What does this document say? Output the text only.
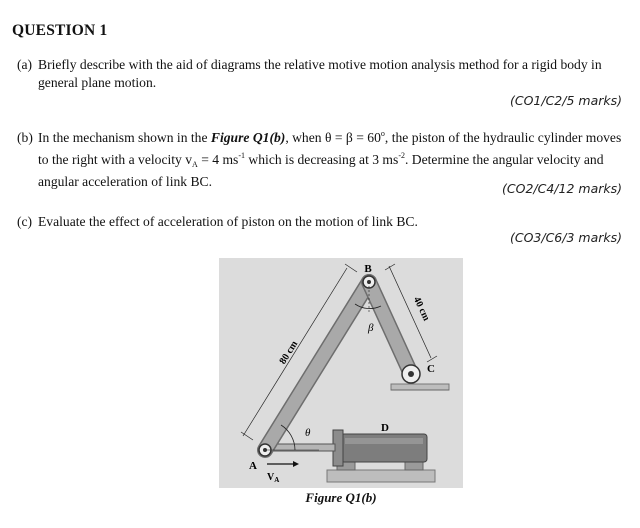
QUESTION 1
(a) Briefly describe with the aid of diagrams the relative motive motion analysis method for a rigid body in
general plane motion.
(CO1/C2/5 marks)
(b) In the mechanism shown in the Figure Q1(b), when $\theta = \beta = 60^o$, the piston of the hydraulic cylinder moves
to the right with a velocity $v_A = 4$ $ms^{-1}$ which is decreasing at 3 $ms^{-2}$. Determine the angular velocity and
angular acceleration of link BC.	(CO2/C4/12 marks)
(c) Evaluate the effect of acceleration of piston on the motion of link BC.
(CO3/C6/3 marks)
B
C
D
A
β
θ
80 cm
40 cm
$V_A$
Figure Q1(b)
